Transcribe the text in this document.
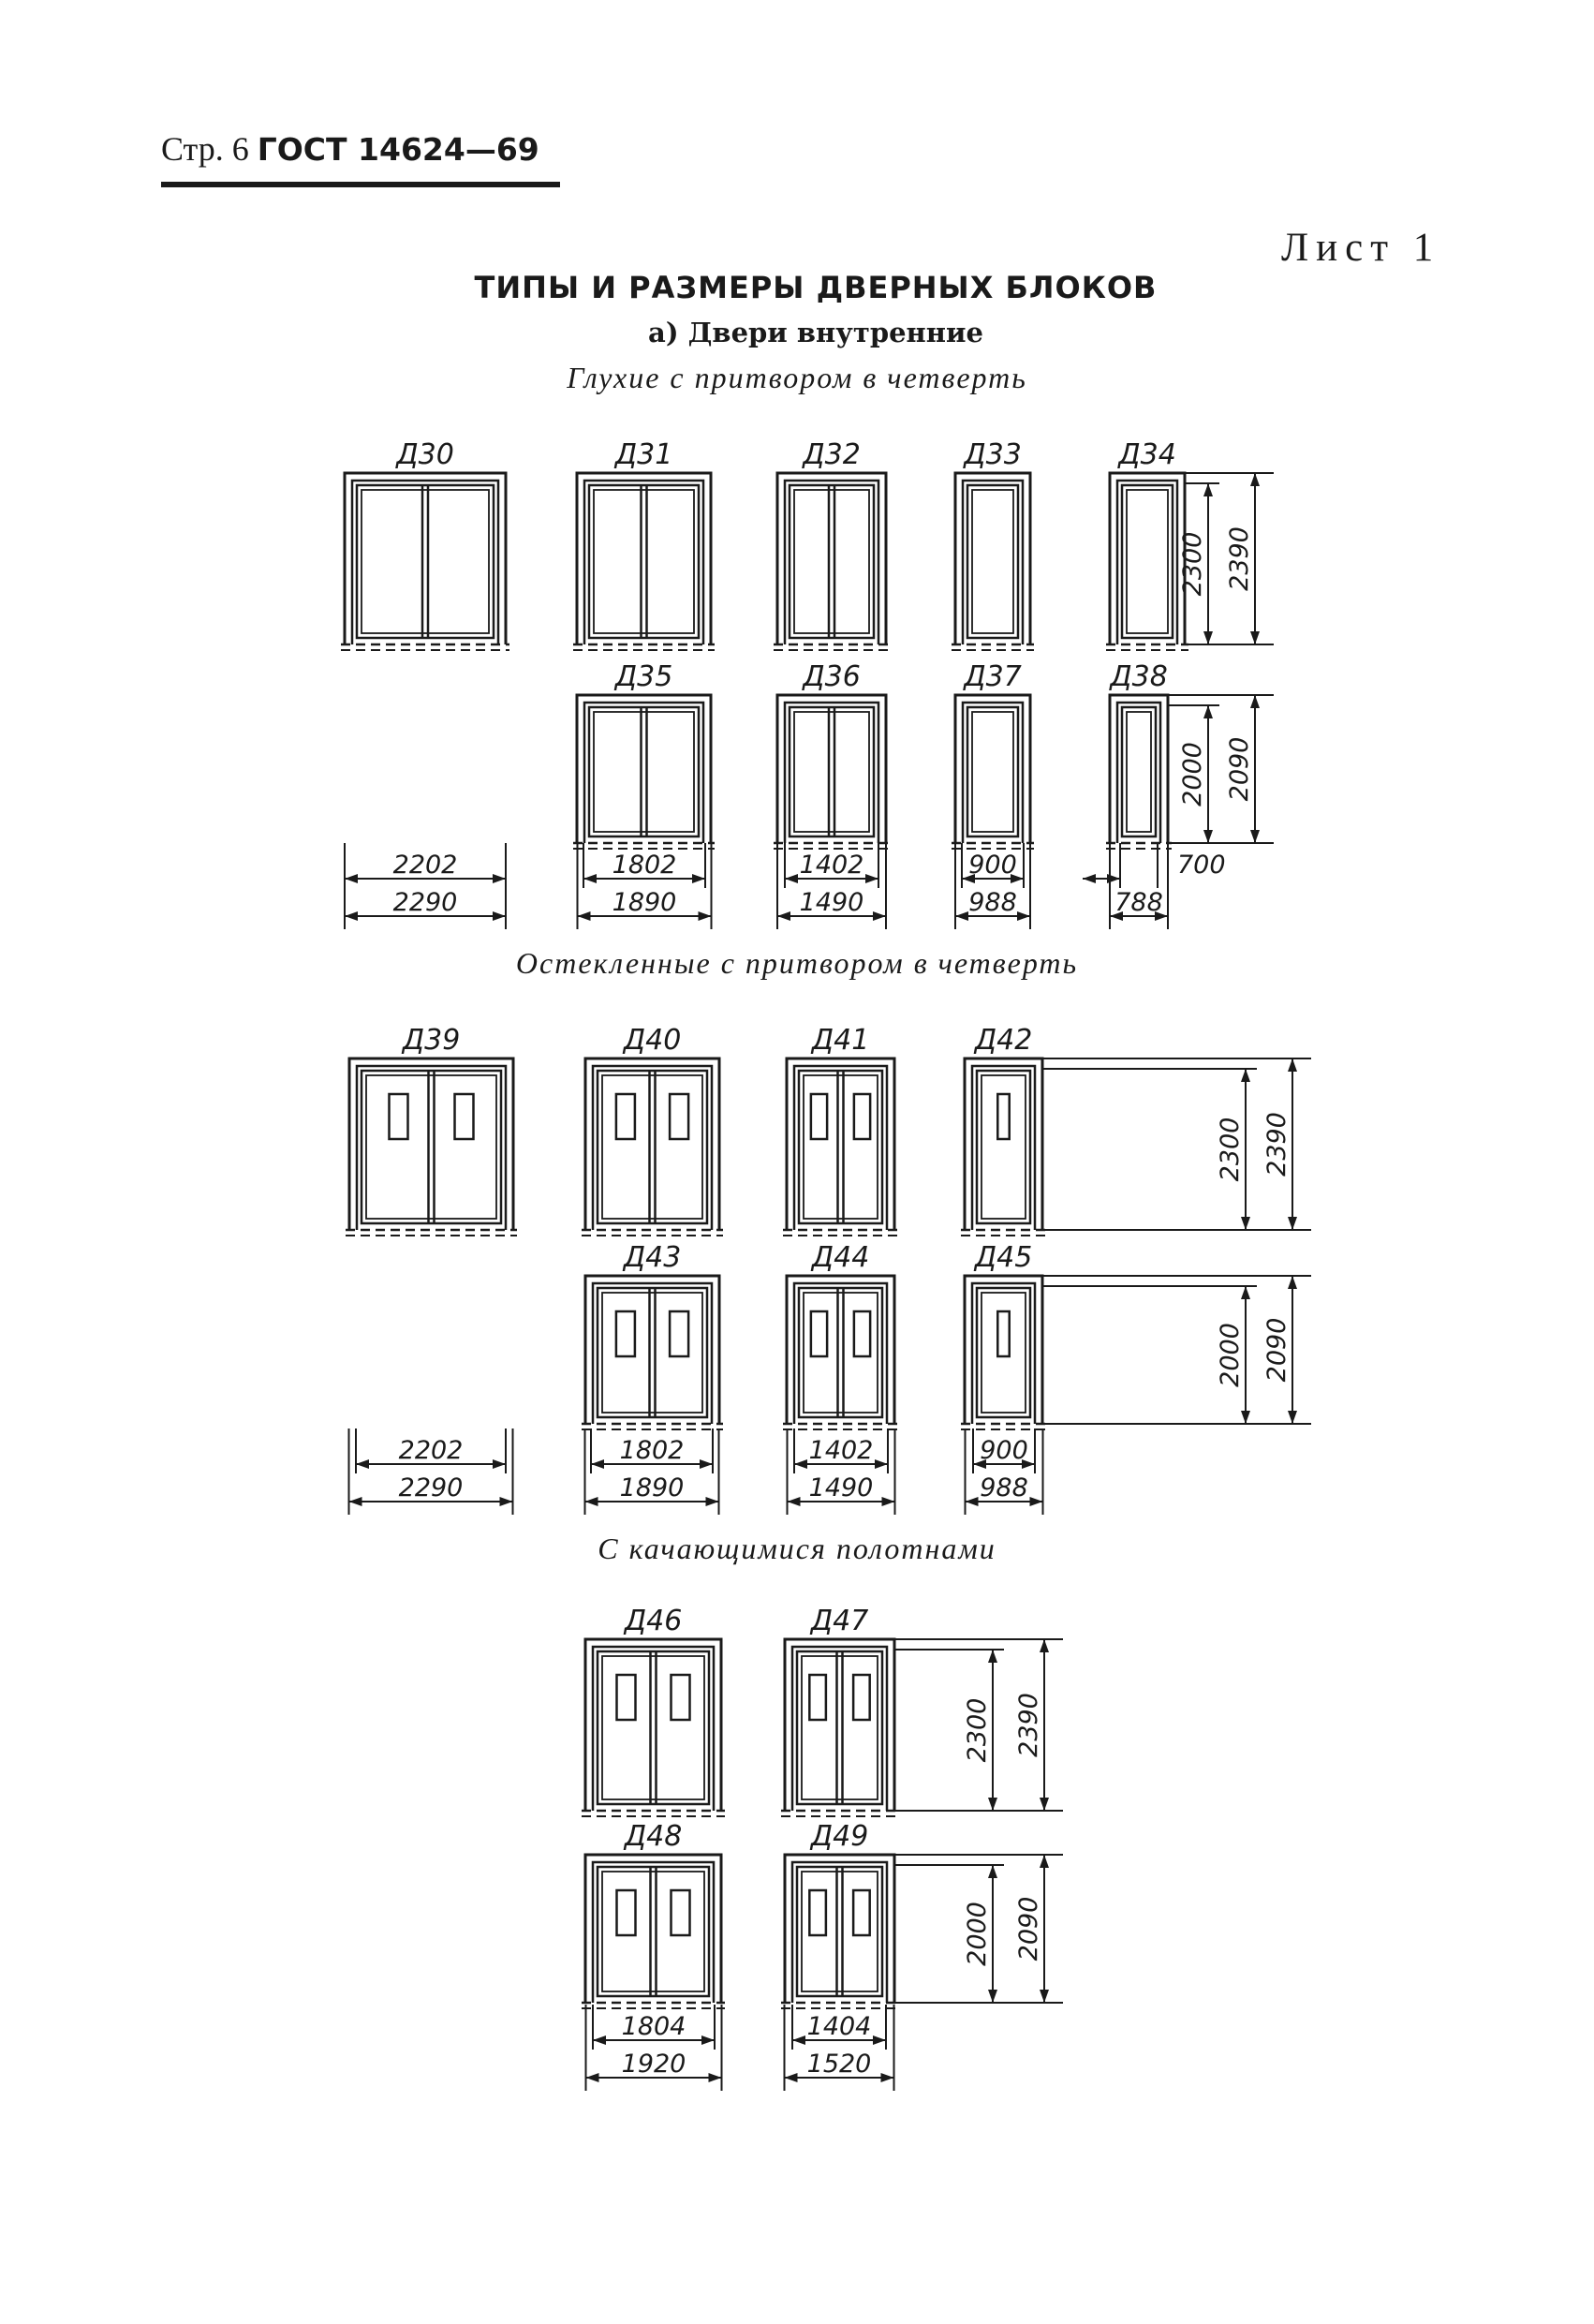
Стр. 6 ГОСТ 14624—69
Лист 1
ТИПЫ И РАЗМЕРЫ ДВЕРНЫХ БЛОКОВ
а) Двери внутренние
Глухие с притвором в четверть
Остекленные с притвором в четверть
С качающимися полотнами
Д30	Д31	Д32	Д33	Д34
Д35	Д36	Д37	Д38
Д39	Д40	Д41	Д42
Д43	Д44	Д45
Д46	Д47
Д48	Д49
2202
2290
1802
1890
1402
1490
900
988
700
788
2202
2290
1802
1890
1402
1490
900
988
1804
1920
1404
1520
2300 2390
2000 2090
2300 2390
2000 2090
2300 2390
2000 2090
